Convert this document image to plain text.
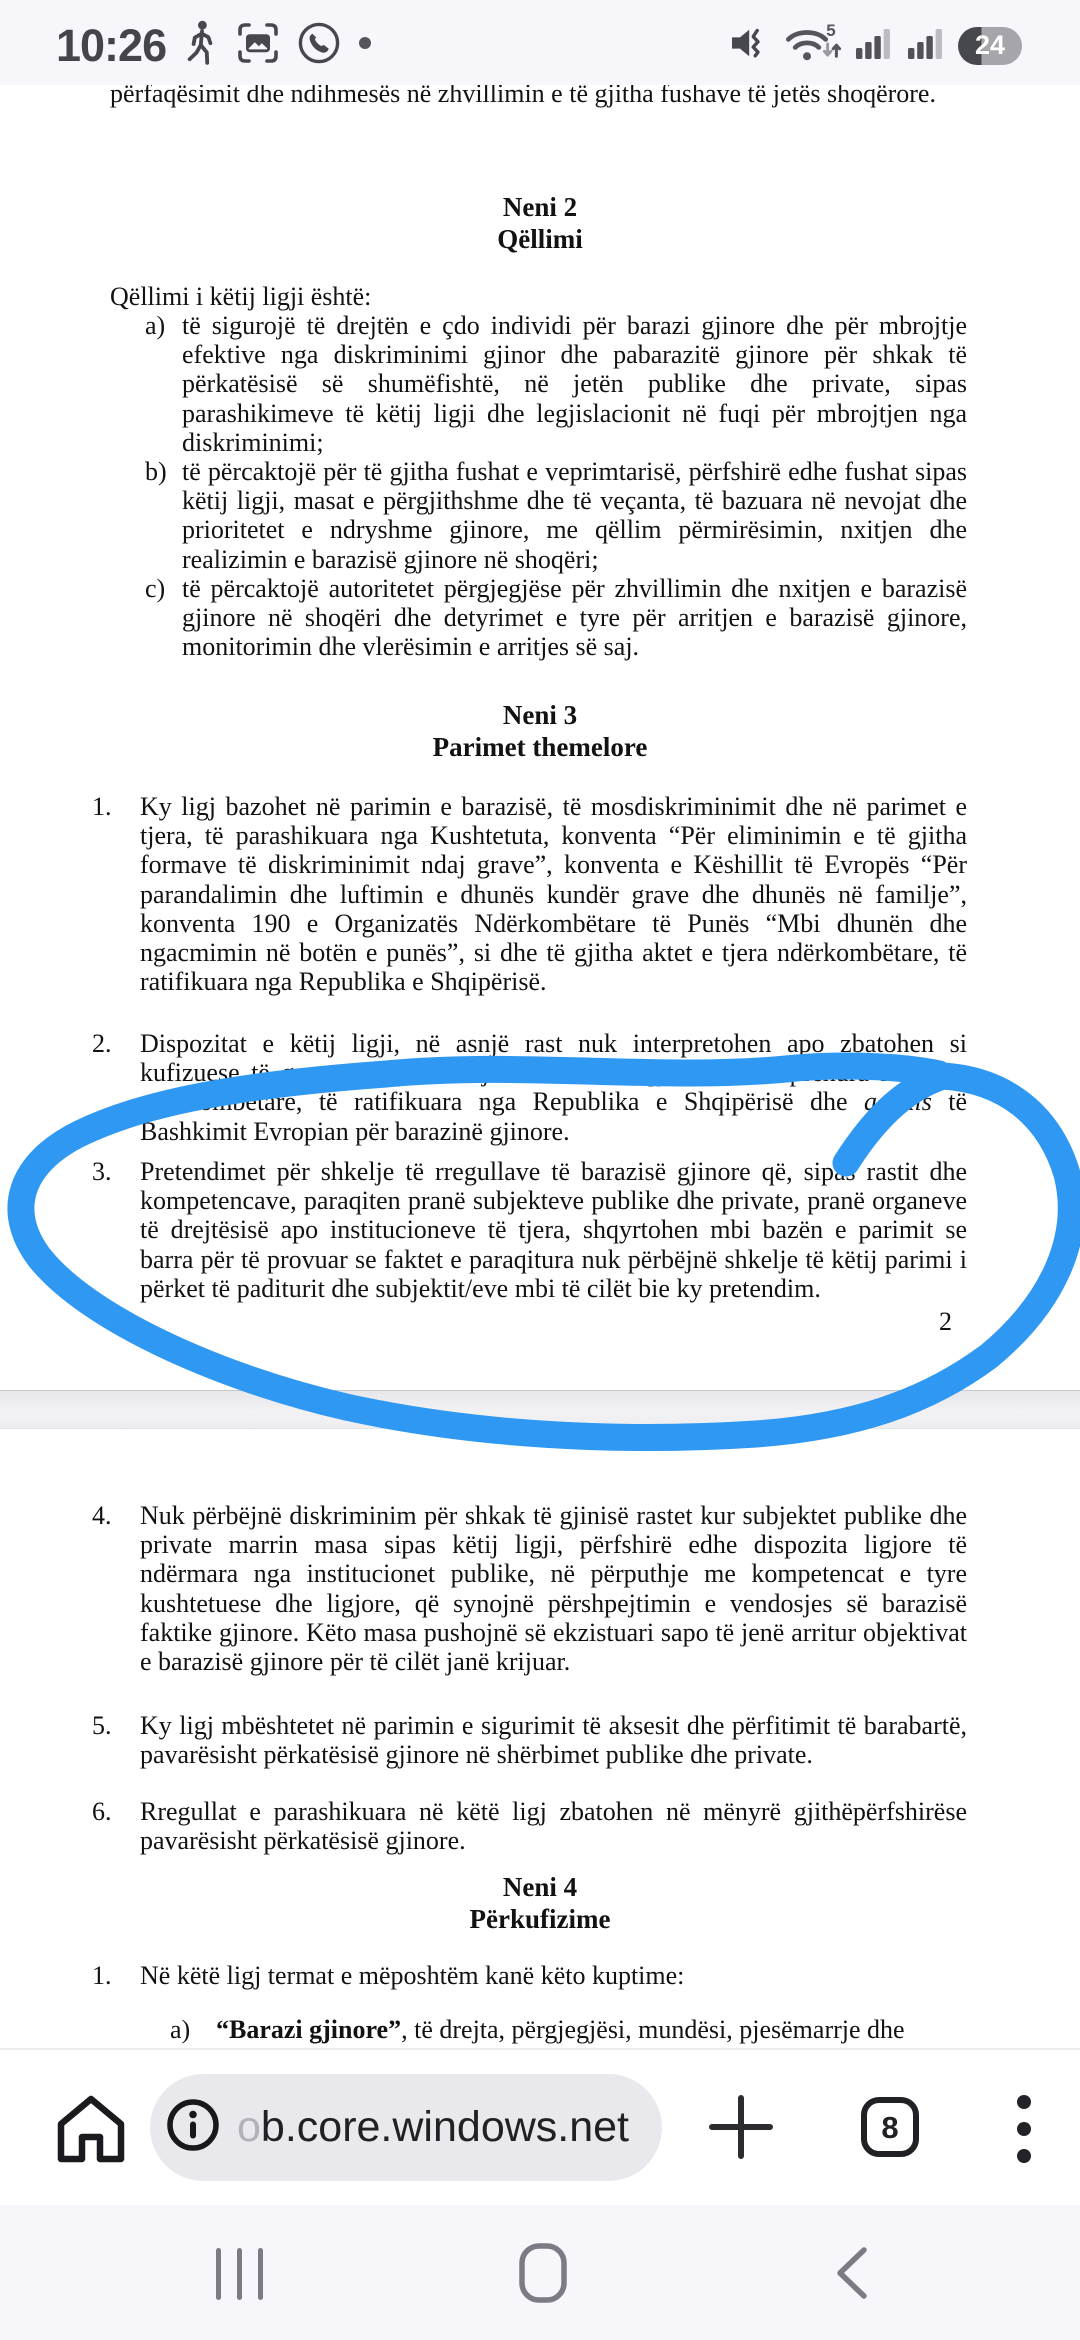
10:26	5	24
përfaqësimit dhe ndihmesës në zhvillimin e të gjitha fushave të jetës shoqërore.
Neni 2
Qëllimi
Qëllimi i këtij ligji është:
a) të sigurojë të drejtën e çdo individi për barazi gjinore dhe për mbrojtje efektive nga diskriminimi gjinor dhe pabarazitë gjinore për shkak të përkatësisë së shumëfishtë, në jetën publike dhe private, sipas parashikimeve të këtij ligji dhe legjislacionit në fuqi për mbrojtjen nga diskriminimi;
b) të përcaktojë për të gjitha fushat e veprimtarisë, përfshirë edhe fushat sipas këtij ligji, masat e përgjithshme dhe të veçanta, të bazuara në nevojat dhe prioritetet e ndryshme gjinore, me qëllim përmirësimin, nxitjen dhe realizimin e barazisë gjinore në shoqëri;
c) të përcaktojë autoritetet përgjegjëse për zhvillimin dhe nxitjen e barazisë gjinore në shoqëri dhe detyrimet e tyre për arritjen e barazisë gjinore, monitorimin dhe vlerësimin e arritjes së saj.
Neni 3
Parimet themelore
1.	Ky ligj bazohet në parimin e barazisë, të mosdiskriminimit dhe në parimet e tjera, të parashikuara nga Kushtetuta, konventa “Për eliminimin e të gjitha formave të diskriminimit ndaj grave”, konventa e Këshillit të Evropës “Për parandalimin dhe luftimin e dhunës kundër grave dhe dhunës në familje”, konventa 190 e Organizatës Ndërkombëtare të Punës “Mbi dhunën dhe ngacmimin në botën e punës”, si dhe të gjitha aktet e tjera ndërkombëtare, të ratifikuara nga Republika e Shqipërisë.
2.	Dispozitat e këtij ligji, në asnjë rast nuk interpretohen apo zbatohen si kufizuese të garancive për arritjen e barazisë gjinore, të shprehura në aktet ndërkombëtare, të ratifikuara nga Republika e Shqipërisë dhe acquis të Bashkimit Evropian për barazinë gjinore.
3.	Pretendimet për shkelje të rregullave të barazisë gjinore që, sipas rastit dhe kompetencave, paraqiten pranë subjekteve publike dhe private, pranë organeve të drejtësisë apo institucioneve të tjera, shqyrtohen mbi bazën e parimit se barra për të provuar se faktet e paraqitura nuk përbëjnë shkelje të këtij parimi i përket të paditurit dhe subjektit/eve mbi të cilët bie ky pretendim.
2
4.	Nuk përbëjnë diskriminim për shkak të gjinisë rastet kur subjektet publike dhe private marrin masa sipas këtij ligji, përfshirë edhe dispozita ligjore të ndërmara nga institucionet publike, në përputhje me kompetencat e tyre kushtetuese dhe ligjore, që synojnë përshpejtimin e vendosjes së barazisë faktike gjinore. Këto masa pushojnë së ekzistuari sapo të jenë arritur objektivat e barazisë gjinore për të cilët janë krijuar.
5.	Ky ligj mbështetet në parimin e sigurimit të aksesit dhe përfitimit të barabartë, pavarësisht përkatësisë gjinore në shërbimet publike dhe private.
6.	Rregullat e parashikuara në këtë ligj zbatohen në mënyrë gjithëpërfshirëse pavarësisht përkatësisë gjinore.
Neni 4
Përkufizime
1.	Në këtë ligj termat e mëposhtëm kanë këto kuptime:
a) “Barazi gjinore”, të drejta, përgjegjësi, mundësi, pjesëmarrje dhe
ob.core.windows.net	8
